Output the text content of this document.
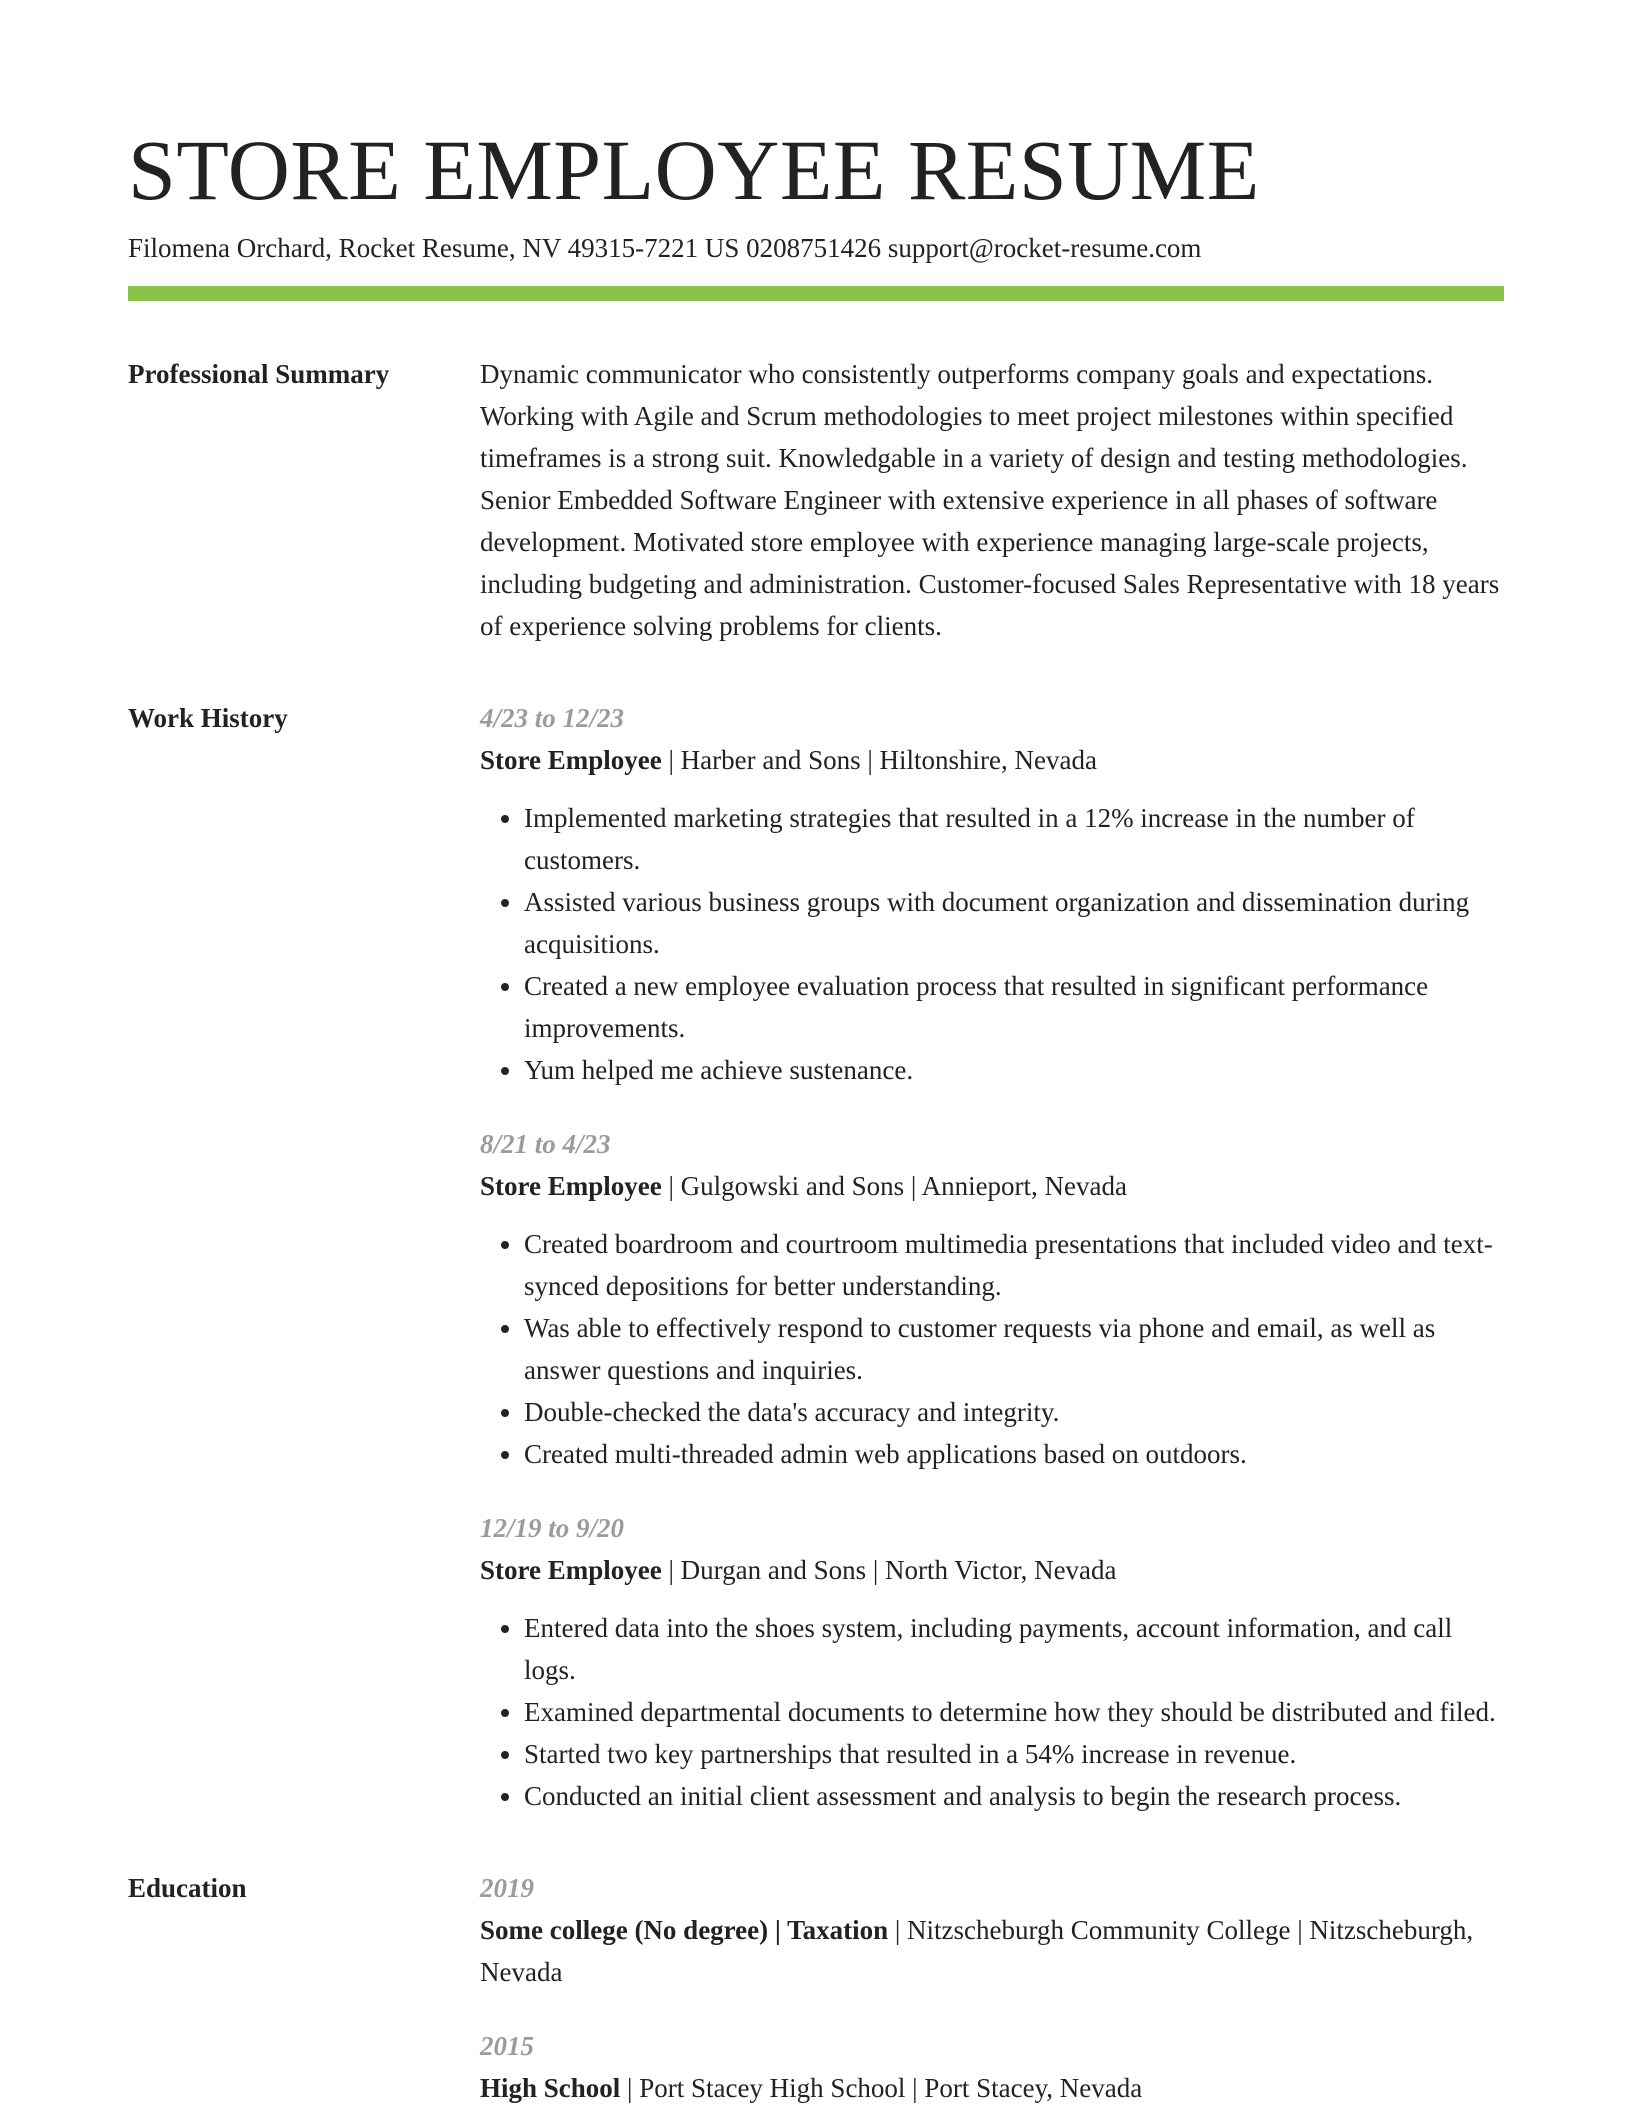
STORE EMPLOYEE RESUME
Filomena Orchard, Rocket Resume, NV 49315-7221 US 0208751426 support@rocket-resume.com
Professional Summary	Dynamic communicator who consistently outperforms company goals and expectations. Working with Agile and Scrum methodologies to meet project milestones within specified timeframes is a strong suit. Knowledgable in a variety of design and testing methodologies. Senior Embedded Software Engineer with extensive experience in all phases of software development. Motivated store employee with experience managing large-scale projects, including budgeting and administration. Customer-focused Sales Representative with 18 years of experience solving problems for clients.

Work History	4/23 to 12/23
Store Employee | Harber and Sons | Hiltonshire, Nevada
• Implemented marketing strategies that resulted in a 12% increase in the number of customers.
• Assisted various business groups with document organization and dissemination during acquisitions.
• Created a new employee evaluation process that resulted in significant performance improvements.
• Yum helped me achieve sustenance.
8/21 to 4/23
Store Employee | Gulgowski and Sons | Annieport, Nevada
• Created boardroom and courtroom multimedia presentations that included video and text-synced depositions for better understanding.
• Was able to effectively respond to customer requests via phone and email, as well as answer questions and inquiries.
• Double-checked the data's accuracy and integrity.
• Created multi-threaded admin web applications based on outdoors.
12/19 to 9/20
Store Employee | Durgan and Sons | North Victor, Nevada
• Entered data into the shoes system, including payments, account information, and call logs.
• Examined departmental documents to determine how they should be distributed and filed.
• Started two key partnerships that resulted in a 54% increase in revenue.
• Conducted an initial client assessment and analysis to begin the research process.
Education	2019
Some college (No degree) | Taxation | Nitzscheburgh Community College | Nitzscheburgh, Nevada
2015
High School | Port Stacey High School | Port Stacey, Nevada
